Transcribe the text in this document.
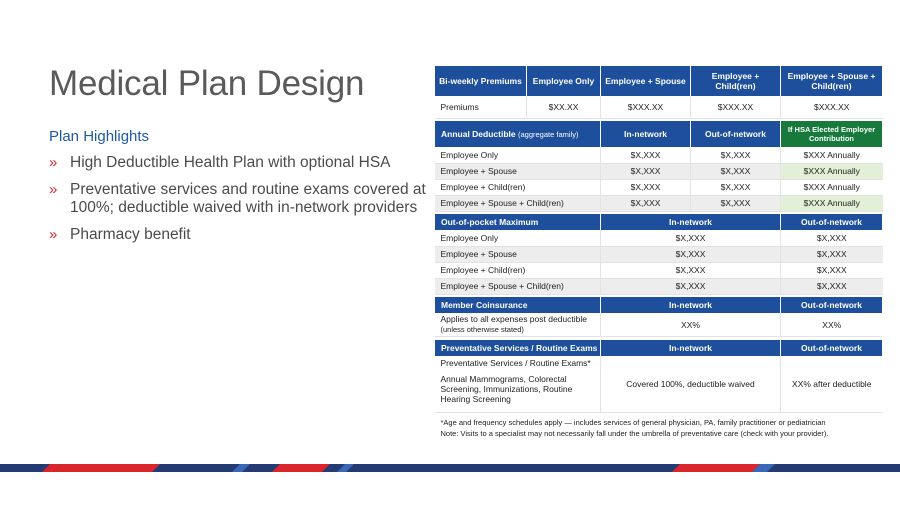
Medical Plan Design
Plan Highlights
» High Deductible Health Plan with optional HSA
» Preventative services and routine exams covered at 100%; deductible waived with in-network providers
» Pharmacy benefit
Bi-weekly Premiums	Employee Only	Employee + Spouse	Employee + Child(ren)	Employee + Spouse + Child(ren)
Premiums	$XX.XX	$XXX.XX	$XXX.XX	$XXX.XX

Annual Deductible (aggregate family)		In-network	Out-of-network	If HSA Elected Employer Contribution
Employee Only		$X,XXX	$X,XXX	$XXX Annually
Employee + Spouse		$X,XXX	$X,XXX	$XXX Annually
Employee + Child(ren)		$X,XXX	$X,XXX	$XXX Annually
Employee + Spouse + Child(ren)		$X,XXX	$X,XXX	$XXX Annually

Out-of-pocket Maximum		In-network		Out-of-network
Employee Only		$X,XXX		$X,XXX
Employee + Spouse		$X,XXX		$X,XXX
Employee + Child(ren)		$X,XXX		$X,XXX
Employee + Spouse + Child(ren)		$X,XXX		$X,XXX

Member Coinsurance		In-network		Out-of-network
Applies to all expenses post deductible
(unless otherwise stated)		XX%		XX%

Preventative Services / Routine Exams		In-network		Out-of-network

Preventative Services / Routine Exams*
Annual Mammograms, Colorectal Screening, Immunizations, Routine Hearing Screening		Covered 100%, deductible waived		XX% after deductible

*Age and frequency schedules apply — includes services of general physician, PA, family practitioner or pediatrician
Note: Visits to a specialist may not necessarily fall under the umbrella of preventative care (check with your provider).				
